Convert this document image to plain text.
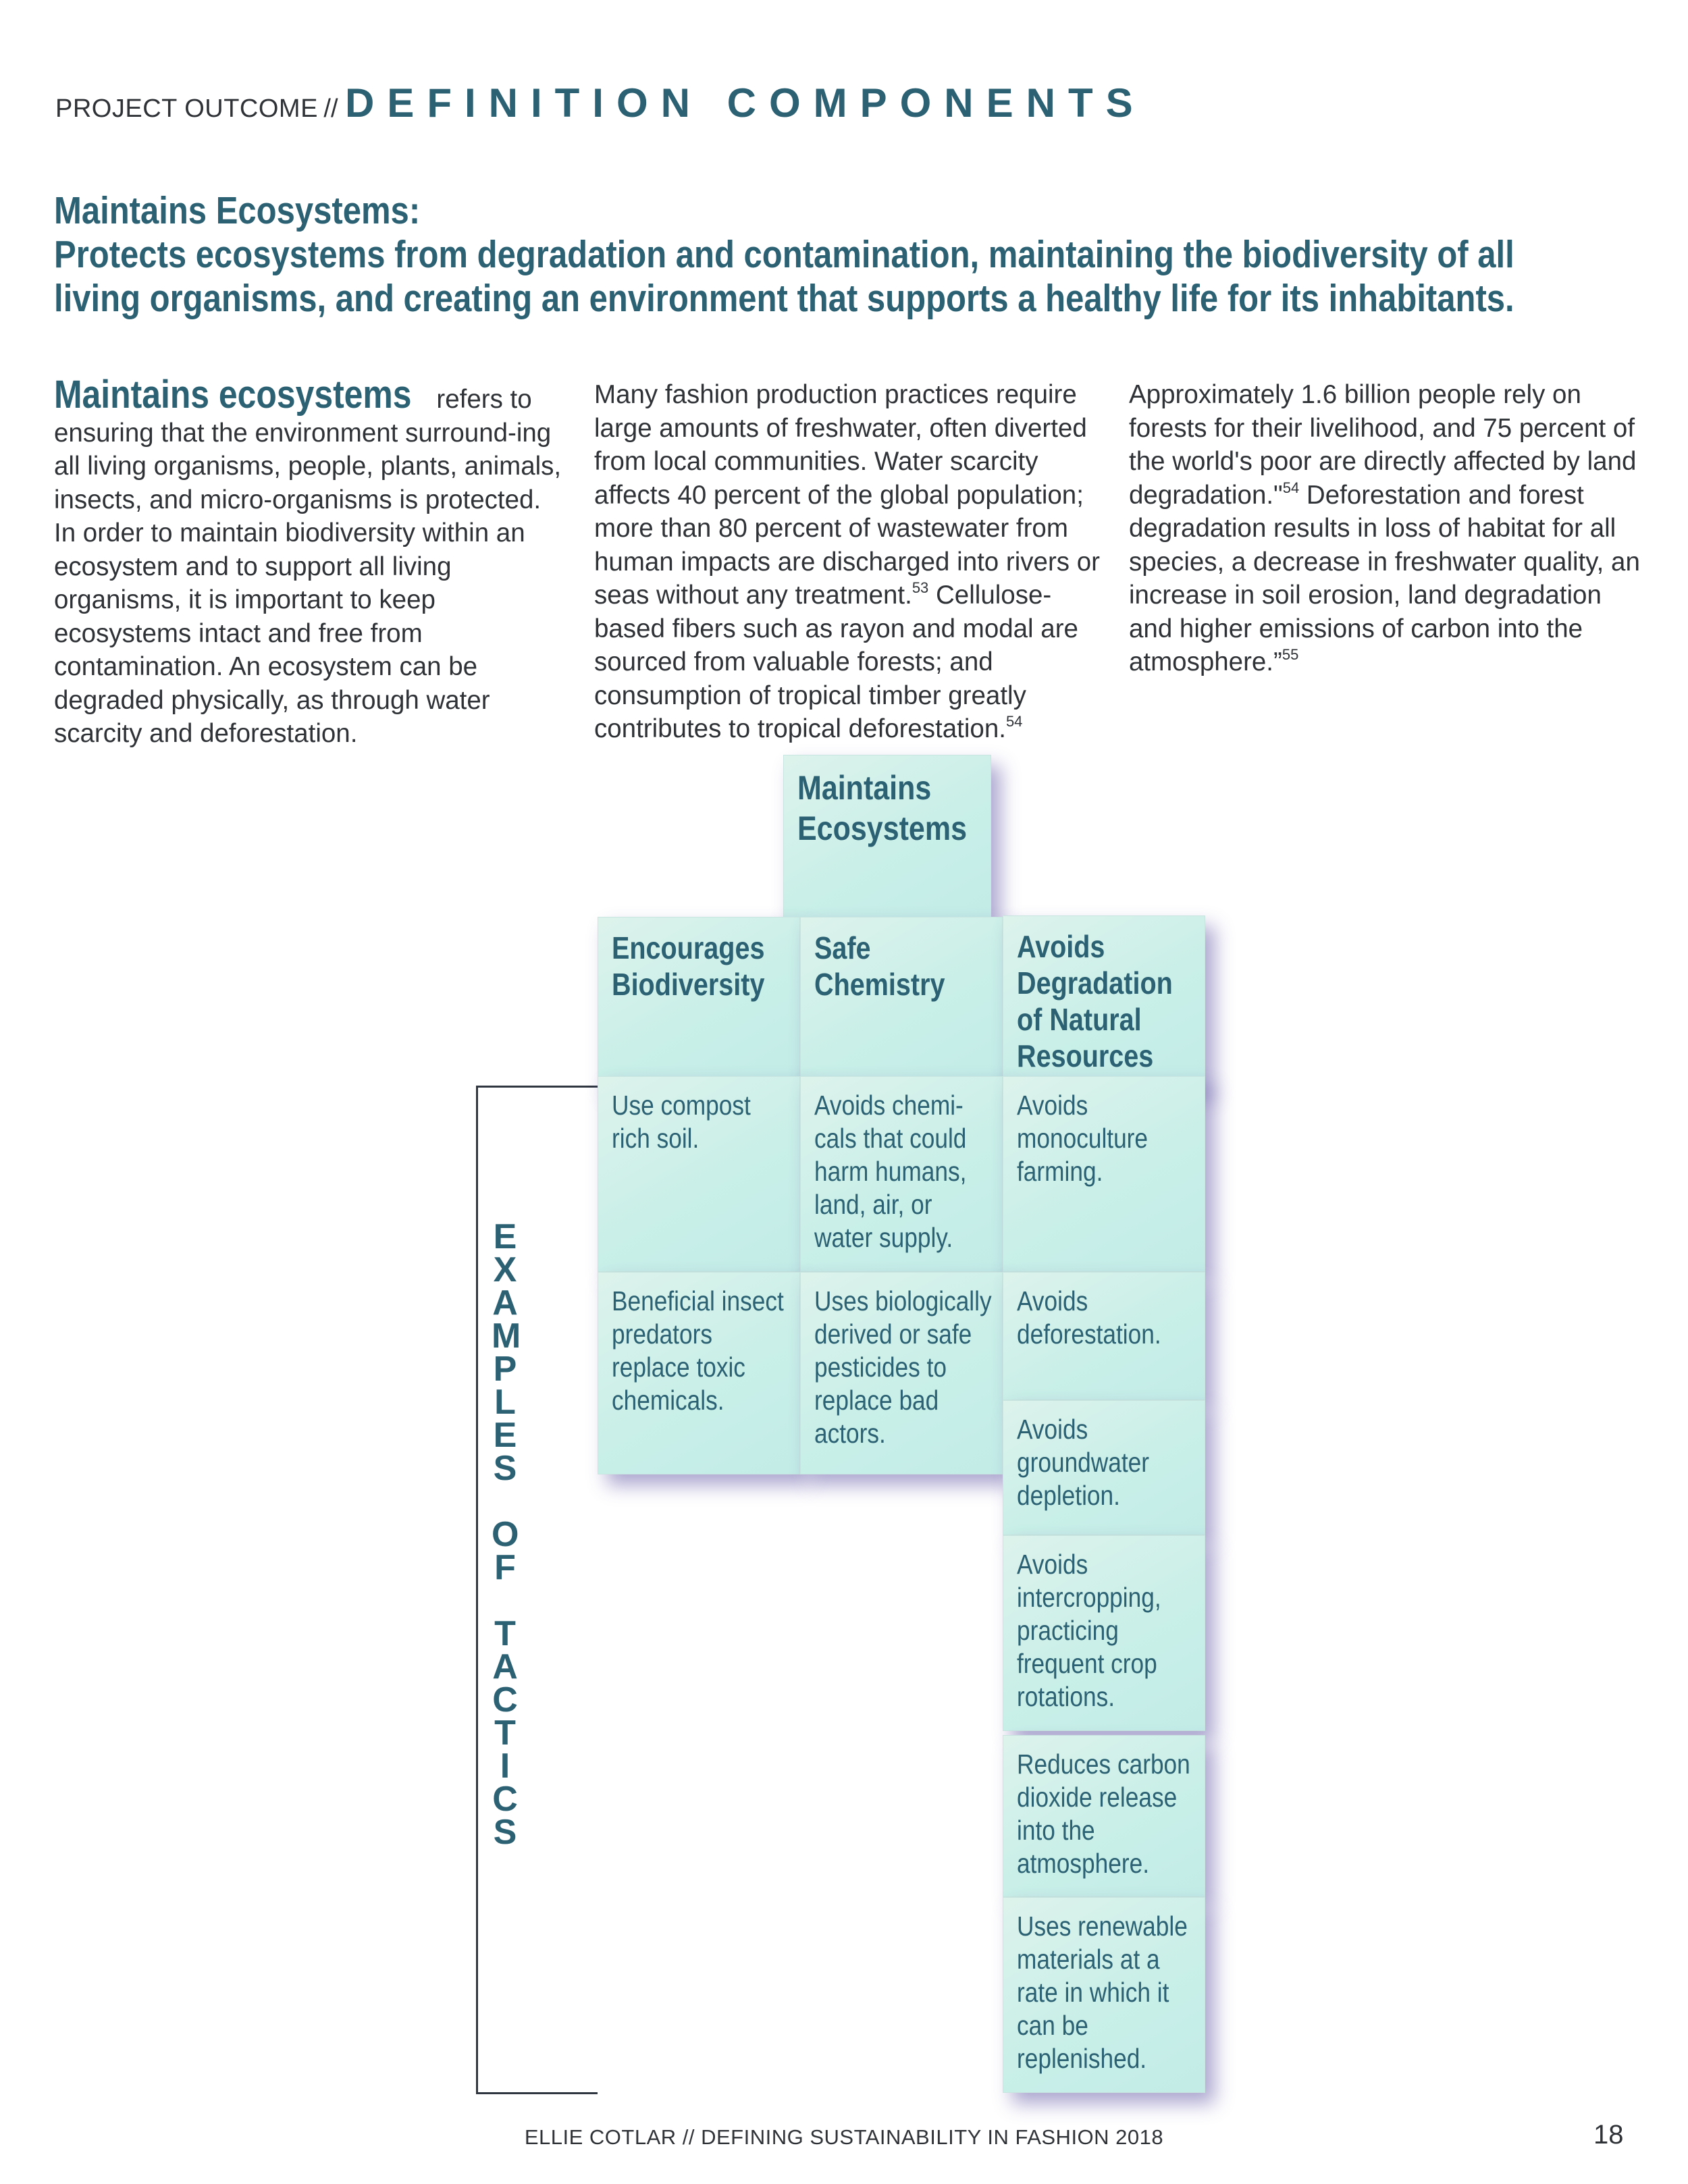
PROJECT OUTCOME // DEFINITION COMPONENTS
Maintains Ecosystems:
Protects ecosystems from degradation and contamination, maintaining the biodiversity of all
living organisms, and creating an environment that supports a healthy life for its inhabitants.

Maintains ecosystems refers to ensuring that the environment surround-ing all living organisms, people, plants, animals, insects, and micro-organisms is protected. In order to maintain biodiversity within an ecosystem and to support all living organisms, it is important to keep ecosystems intact and free from contamination. An ecosystem can be degraded physically, as through water scarcity and deforestation.

Many fashion production practices require large amounts of freshwater, often diverted from local communities. Water scarcity affects 40 percent of the global population; more than 80 percent of wastewater from human impacts are discharged into rivers or seas without any treatment.$^{53}$ Cellulose-based fibers such as rayon and modal are sourced from valuable forests; and consumption of tropical timber greatly contributes to tropical deforestation.$^{54}$

Approximately 1.6 billion people rely on forests for their livelihood, and 75 percent of the world's poor are directly affected by land degradation."$^{54}$ Deforestation and forest degradation results in loss of habitat for all species, a decrease in freshwater quality, an increase in soil erosion, land degradation and higher emissions of carbon into the atmosphere.”$^{55}$

E
X
A
M
P
L
E
S

O
F

T
A
C
T
I
C
S
Maintains
Ecosystems
Encourages
Biodiversity
Safe
Chemistry
Avoids
Degradation
of Natural
Resources
Use compost
rich soil.
Avoids chemi-
cals that could
harm humans,
land, air, or
water supply.
Avoids
monoculture
farming.
Beneficial insect
predators
replace toxic
chemicals.
Uses biologically
derived or safe
pesticides to
replace bad
actors.
Avoids
deforestation.
Avoids
groundwater
depletion.
Avoids
intercropping,
practicing
frequent crop
rotations.
Reduces carbon
dioxide release
into the
atmosphere.
Uses renewable
materials at a
rate in which it
can be
replenished.
ELLIE COTLAR // DEFINING SUSTAINABILITY IN FASHION 2018	18
